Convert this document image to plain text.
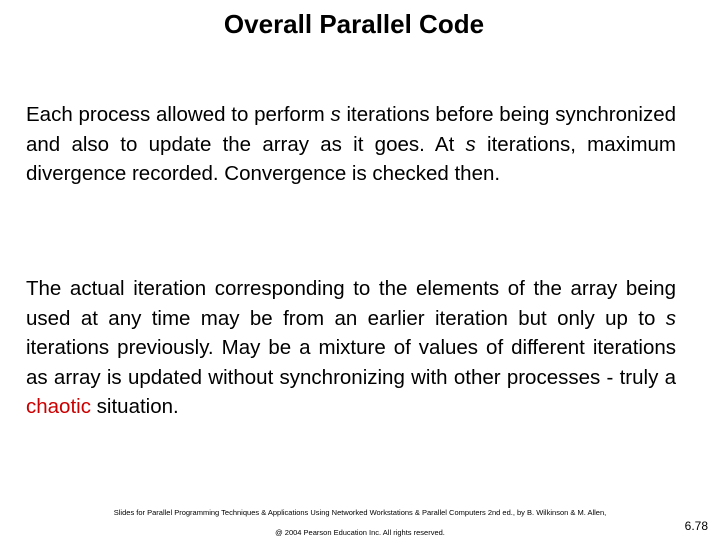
Overall Parallel Code

Each process allowed to perform s iterations before being synchronized and also to update the array as it goes. At s iterations, maximum divergence recorded. Convergence is checked then.

The actual iteration corresponding to the elements of the array being used at any time may be from an earlier iteration but only up to s iterations previously. May be a mixture of values of different iterations as array is updated without synchronizing with other processes - truly a chaotic situation.

Slides for Parallel Programming Techniques & Applications Using Networked Workstations & Parallel Computers 2nd ed., by B. Wilkinson & M. Allen,
@ 2004 Pearson Education Inc. All rights reserved.	6.78
